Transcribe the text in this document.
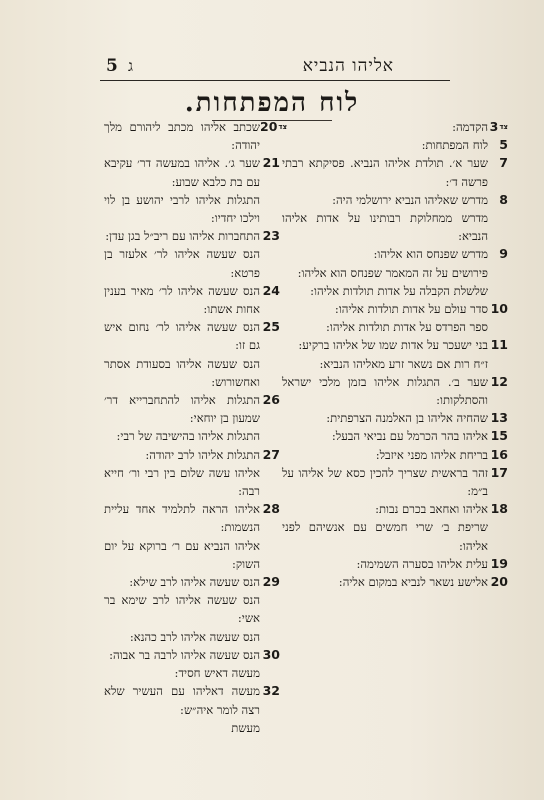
5 ג	אליהו הנביא
לוח המפתחות.
$^{צד}$3
הקדמה:
5
לוח המפתחות:
7
שער א׳. תולדת אליהו הנביא. פסיקתא רבתי פרשה ד׳:
8
מדרש שאליהו הנביא ירושלמי היה:
מדרש ממחלוקת רבותינו על אדות אליהו הנביא:
9
מדרש שפנחס הוא אליהו:
פירושים על זה המאמר שפנחס הוא אליהו:
שלשלת הקבלה על אדות תולדות אליהו:
10
סדר עולם על אדות תולדות אליהו:
ספר הפרדס על אדות תולדות אליהו:
11
בני ישעכר על אדות שמו של אליהו ברקיע:
ז״ח רות אם נשאר זרע מאליהו הנביא:
12
שער ב׳. התגלות אליהו בזמן מלכי ישראל והסתלקותו:
13
שהחיה אליהו בן האלמנה הצרפתית:
15
אליהו בהר הכרמל עם נביאי הבעל:
16
בריחת אליהו מפני איזבל:
17
זהר בראשית שצריך להכין כסא של אליהו על ב״מ:
18
אליהו ואחאב בכרם נבות:
שריפת ב׳ שרי חמשים עם אנשיהם לפני אליהו:
19
עלית אליהו בסערה השמימה:
20
אלישע נשאר לנביא במקום אליה:
$^{צד}$20
שכתב אליהו מכתב ליהורם מלך יהודה:
21
שער ג׳. אליהו במעשה דר׳ עקיבא עם בת כלבא שבוע:
התגלות אליהו לרבי יהושע בן לוי וילכו יחדיו:
23
התחברות אליהו עם ריב״ל בגן עדן:
הנס שעשה אליהו לר׳ אלעזר בן פרטא:
24
הנס שעשה אליהו לר׳ מאיר בענין אחות אשתו:
25
הנס שעשה אליהו לר׳ נחום איש גם זו:
הנס שעשה אליהו בסעודת אסתר ואחשורוש:
26
התגלות אליהו להתחברייא דר׳ שמעון בן יוחאי:
התגלות אליהו בהישיבה של רבי:
27
התגלות אליהו לרב יהודה:
אליהו עשה שלום בין רבי ור׳ חייא רבה:
28
אליהו הראה לתלמיד אחד עליית הנשמות:
אליהו הנביא עם ר׳ ברוקא על יום השוק:
29
הנס שעשה אליהו לרב שילא:
הנס שעשה אליהו לרב שימא בר אשי:
הנס שעשה אליהו לרב כהנא:
30
הנס שעשה אליהו לרבה בר אבוה:
מעשה דאיש חסיד:
32
מעשה דאליהו עם העשיר שלא רצה לומר איה״ש:
מעשת
